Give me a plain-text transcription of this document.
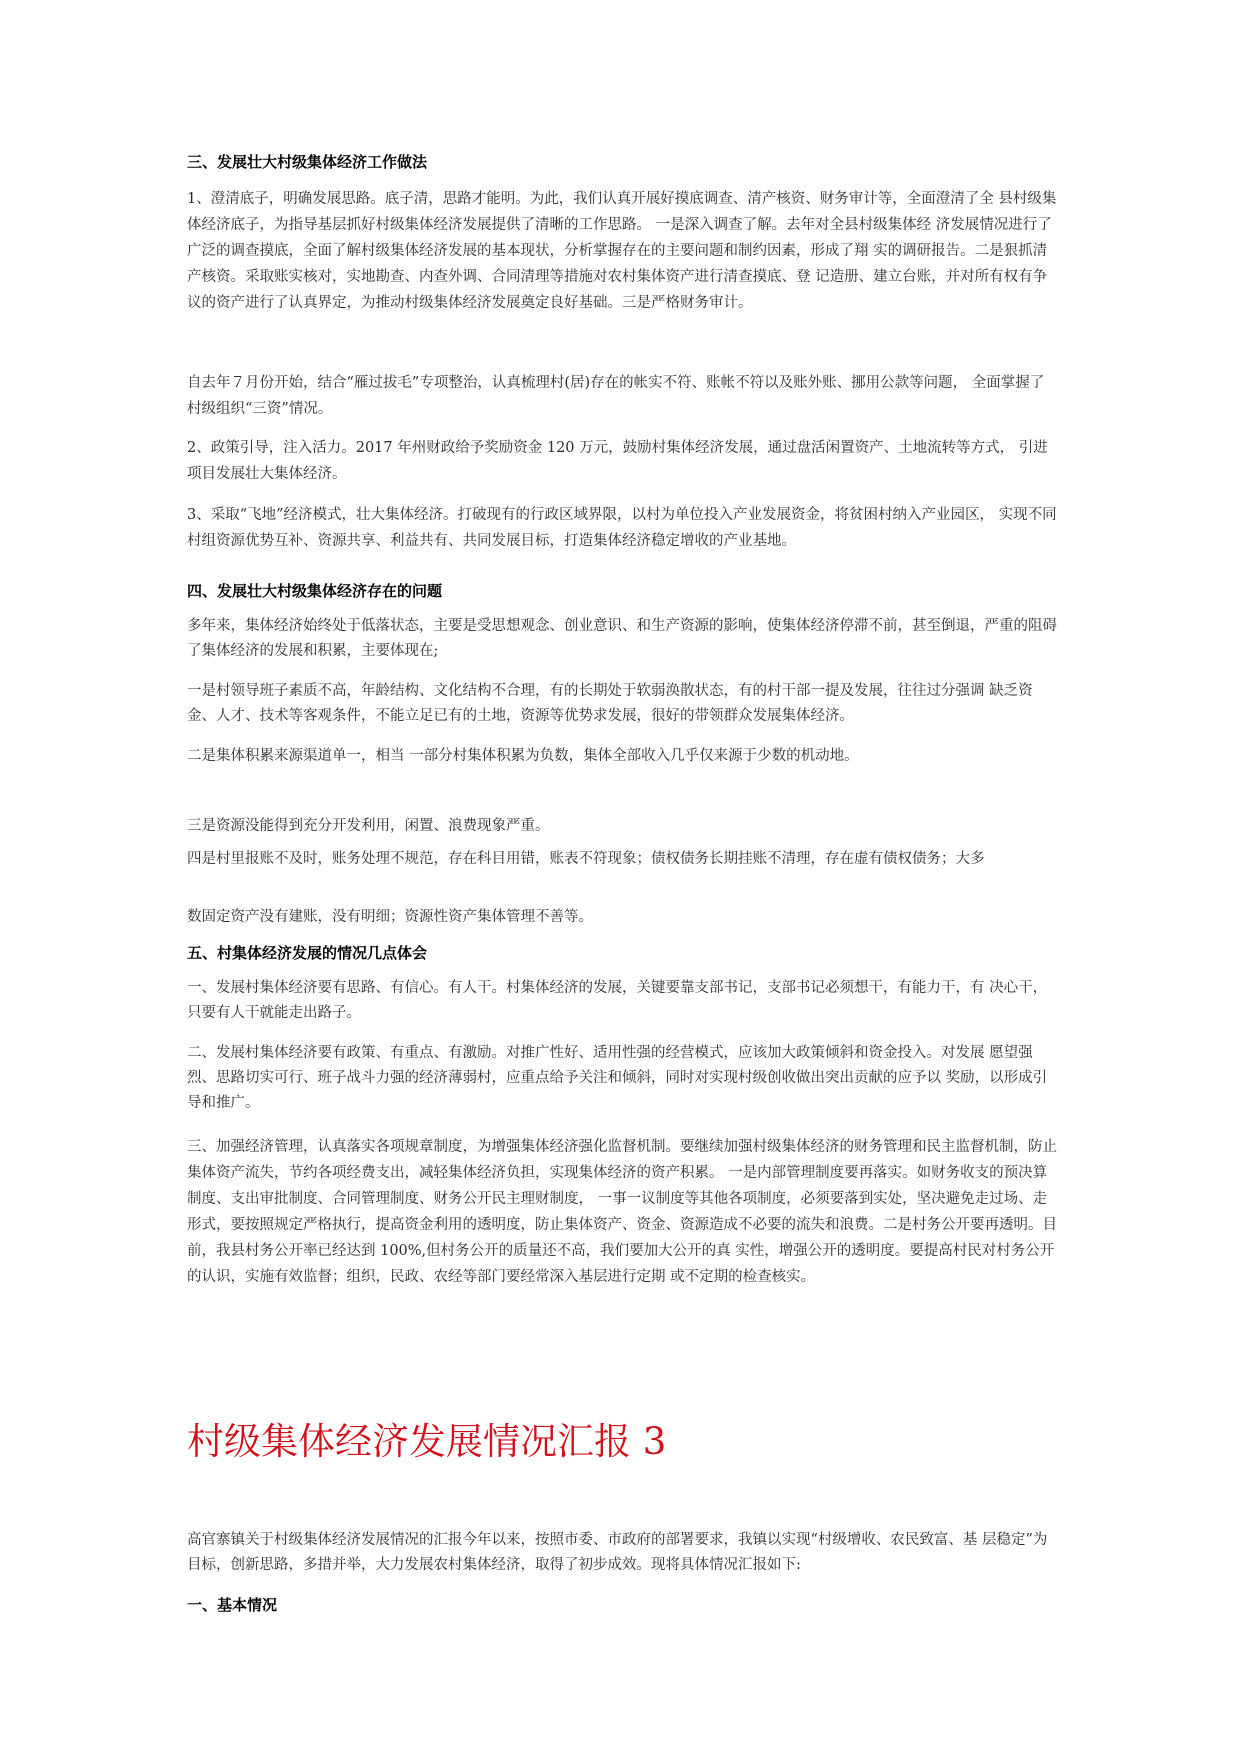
三、发展壮大村级集体经济工作做法

1、澄清底子，明确发展思路。底子清，思路才能明。为此，我们认真开展好摸底调查、清产核资、财务审计等，全面澄清了全 县村级集体经济底子，为指导基层抓好村级集体经济发展提供了清晰的工作思路。 一是深入调查了解。去年对全县村级集体经 济发展情况进行了广泛的调查摸底，全面了解村级集体经济发展的基本现状，分析掌握存在的主要问题和制约因素，形成了翔 实的调研报告。二是狠抓清产核资。采取账实核对，实地勘查、内查外调、合同清理等措施对农村集体资产进行清查摸底、登 记造册、建立台账，并对所有权有争议的资产进行了认真界定，为推动村级集体经济发展奠定良好基础。三是严格财务审计。

自去年７月份开始，结合“雁过拔毛”专项整治，认真梳理村(居)存在的帐实不符、账帐不符以及账外账、挪用公款等问题， 全面掌握了村级组织“三资”情况。

2、政策引导，注入活力。2017 年州财政给予奖励资金 120 万元，鼓励村集体经济发展，通过盘活闲置资产、土地流转等方式， 引进项目发展壮大集体经济。

3、采取“飞地”经济模式，壮大集体经济。打破现有的行政区域界限，以村为单位投入产业发展资金，将贫困村纳入产业园区， 实现不同村组资源优势互补、资源共享、利益共有、共同发展目标，打造集体经济稳定增收的产业基地。

四、发展壮大村级集体经济存在的问题

多年来，集体经济始终处于低落状态，主要是受思想观念、创业意识、和生产资源的影响，使集体经济停滞不前，甚至倒退，严重的阻碍了集体经济的发展和积累，主要体现在;

一是村领导班子素质不高，年龄结构、文化结构不合理，有的长期处于软弱涣散状态，有的村干部一提及发展，往往过分强调 缺乏资金、人才、技术等客观条件，不能立足已有的土地，资源等优势求发展，很好的带领群众发展集体经济。

二是集体积累来源渠道单一，相当 一部分村集体积累为负数，集体全部收入几乎仅来源于少数的机动地。

三是资源没能得到充分开发利用，闲置、浪费现象严重。

四是村里报账不及时，账务处理不规范，存在科目用错，账表不符现象；债权债务长期挂账不清理，存在虚有债权债务；大多

数固定资产没有建账，没有明细；资源性资产集体管理不善等。

五、村集体经济发展的情况几点体会

一、发展村集体经济要有思路、有信心。有人干。村集体经济的发展，关键要靠支部书记，支部书记必须想干，有能力干，有 决心干，只要有人干就能走出路子。

二、发展村集体经济要有政策、有重点、有激励。对推广性好、适用性强的经营模式，应该加大政策倾斜和资金投入。对发展 愿望强烈、思路切实可行、班子战斗力强的经济薄弱村，应重点给予关注和倾斜，同时对实现村级创收做出突出贡献的应予以 奖励，以形成引导和推广。

三、加强经济管理，认真落实各项规章制度，为增强集体经济强化监督机制。要继续加强村级集体经济的财务管理和民主监督机制，防止集体资产流失，节约各项经费支出，减轻集体经济负担，实现集体经济的资产积累。 一是内部管理制度要再落实。如财务收支的预决算制度、支出审批制度、合同管理制度、财务公开民主理财制度， 一事一议制度等其他各项制度，必须要落到实处，坚决避免走过场、走形式，要按照规定严格执行，提高资金利用的透明度，防止集体资产、资金、资源造成不必要的流失和浪费。二是村务公开要再透明。目前，我县村务公开率已经达到 100%,但村务公开的质量还不高，我们要加大公开的真 实性，增强公开的透明度。要提高村民对村务公开的认识，实施有效监督；组织，民政、农经等部门要经常深入基层进行定期 或不定期的检查核实。

村级集体经济发展情况汇报 3

高官寨镇关于村级集体经济发展情况的汇报今年以来，按照市委、市政府的部署要求，我镇以实现“村级增收、农民致富、基 层稳定”为目标，创新思路，多措并举，大力发展农村集体经济，取得了初步成效。现将具体情况汇报如下:

一、基本情况
